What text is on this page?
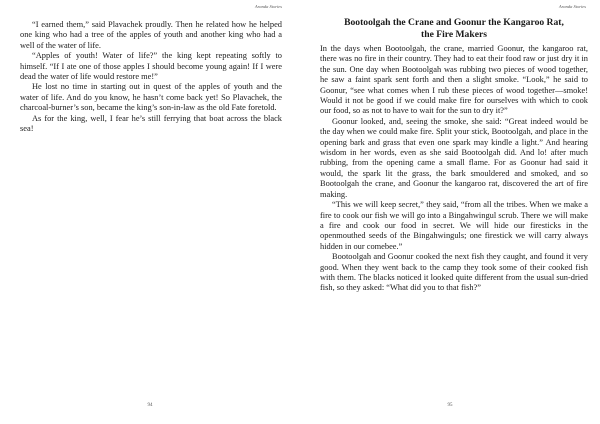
Aranda Stories

“I earned them,” said Plavachek proudly. Then he related how he helped one king who had a tree of the apples of youth and another king who had a well of the water of life.

“Apples of youth! Water of life?” the king kept repeating softly to himself. “If I ate one of those apples I should become young again! If I were dead the water of life would restore me!”

He lost no time in starting out in quest of the apples of youth and the water of life. And do you know, he hasn’t come back yet! So Plavachek, the charcoal-burner’s son, became the king’s son-in-law as the old Fate foretold.

As for the king, well, I fear he’s still ferrying that boat across the black sea!

94
Aranda Stories
Bootoolgah the Crane and Goonur the Kangaroo Rat,
the Fire Makers

In the days when Bootoolgah, the crane, married Goonur, the kangaroo rat, there was no fire in their country. They had to eat their food raw or just dry it in the sun. One day when Bootoolgah was rubbing two pieces of wood together, he saw a faint spark sent forth and then a slight smoke. “Look,” he said to Goonur, “see what comes when I rub these pieces of wood together—smoke! Would it not be good if we could make fire for ourselves with which to cook our food, so as not to have to wait for the sun to dry it?”

Goonur looked, and, seeing the smoke, she said: “Great indeed would be the day when we could make fire. Split your stick, Bootoolgah, and place in the opening bark and grass that even one spark may kindle a light.” And hearing wisdom in her words, even as she said Bootoolgah did. And lo! after much rubbing, from the opening came a small flame. For as Goonur had said it would, the spark lit the grass, the bark smouldered and smoked, and so Bootoolgah the crane, and Goonur the kangaroo rat, discovered the art of fire making.

“This we will keep secret,” they said, “from all the tribes. When we make a fire to cook our fish we will go into a Bingahwingul scrub. There we will make a fire and cook our food in secret. We will hide our firesticks in the openmouthed seeds of the Bingahwinguls; one firestick we will carry always hidden in our comebee.”

Bootoolgah and Goonur cooked the next fish they caught, and found it very good. When they went back to the camp they took some of their cooked fish with them. The blacks noticed it looked quite different from the usual sun-dried fish, so they asked: “What did you to that fish?”

95
